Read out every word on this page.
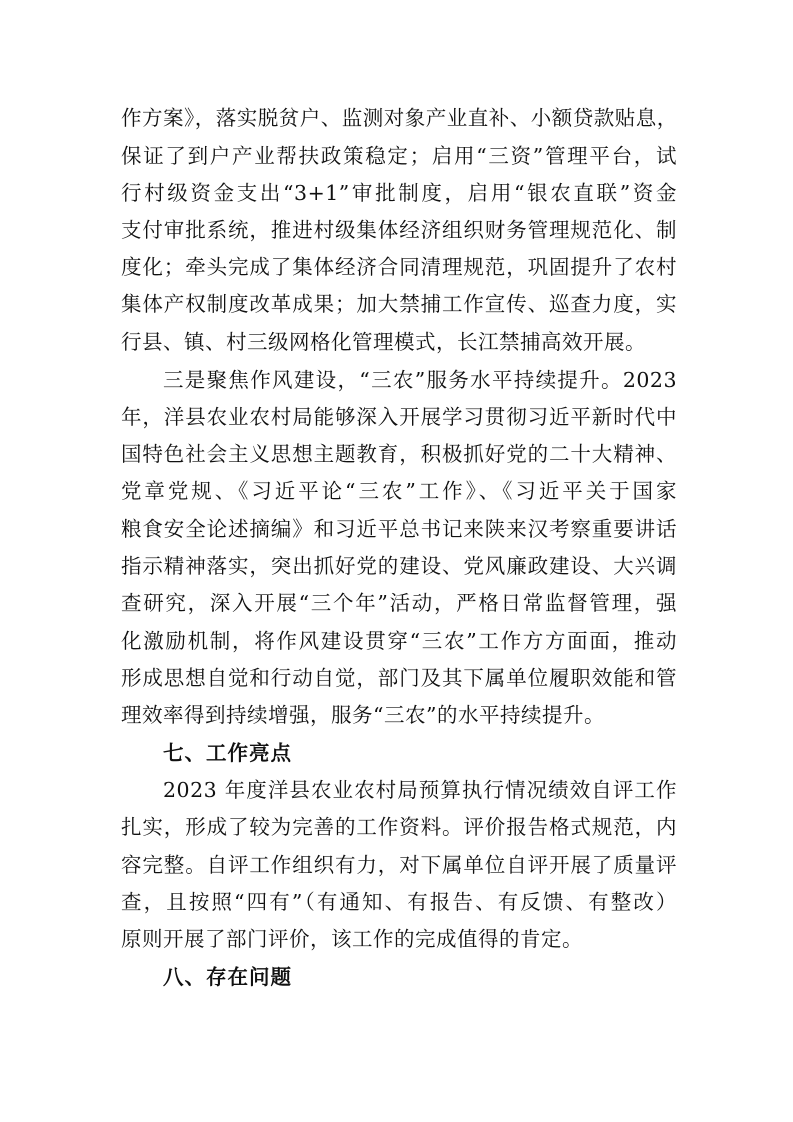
作方案》，落实脱贫户、监测对象产业直补、小额贷款贴息，
保证了到户产业帮扶政策稳定；启用“三资”管理平台，试
行村级资金支出“3+1”审批制度，启用“银农直联”资金
支付审批系统，推进村级集体经济组织财务管理规范化、制
度化；牵头完成了集体经济合同清理规范，巩固提升了农村
集体产权制度改革成果；加大禁捕工作宣传、巡查力度，实
行县、镇、村三级网格化管理模式，长江禁捕高效开展。
三是聚焦作风建设，“三农”服务水平持续提升。2023
年，洋县农业农村局能够深入开展学习贯彻习近平新时代中
国特色社会主义思想主题教育，积极抓好党的二十大精神、
党章党规、《习近平论“三农”工作》、《习近平关于国家
粮食安全论述摘编》和习近平总书记来陕来汉考察重要讲话
指示精神落实，突出抓好党的建设、党风廉政建设、大兴调
查研究，深入开展“三个年”活动，严格日常监督管理，强
化激励机制，将作风建设贯穿“三农”工作方方面面，推动
形成思想自觉和行动自觉，部门及其下属单位履职效能和管
理效率得到持续增强，服务“三农”的水平持续提升。
七、工作亮点
2023 年度洋县农业农村局预算执行情况绩效自评工作
扎实，形成了较为完善的工作资料。评价报告格式规范，内
容完整。自评工作组织有力，对下属单位自评开展了质量评
查，且按照“四有”（有通知、有报告、有反馈、有整改）
原则开展了部门评价，该工作的完成值得的肯定。
八、存在问题
